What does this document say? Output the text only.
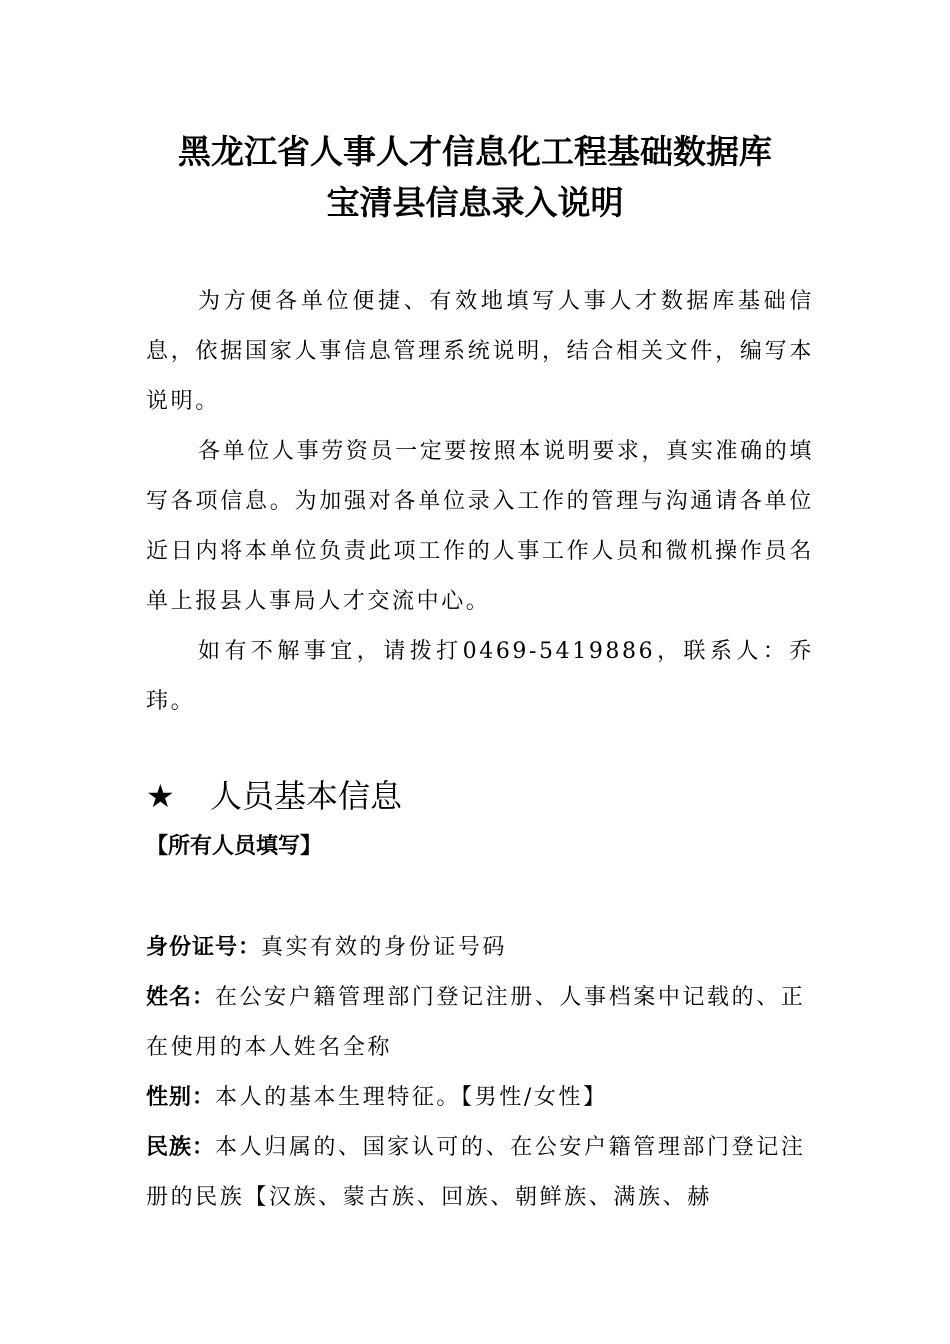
黑龙江省人事人才信息化工程基础数据库
宝清县信息录入说明

为方便各单位便捷、有效地填写人事人才数据库基础信息，依据国家人事信息管理系统说明，结合相关文件，编写本说明。

各单位人事劳资员一定要按照本说明要求，真实准确的填写各项信息。为加强对各单位录入工作的管理与沟通请各单位近日内将本单位负责此项工作的人事工作人员和微机操作员名单上报县人事局人才交流中心。

如有不解事宜，请拨打0469-5419886，联系人：乔玮。

★ 人员基本信息
【所有人员填写】

身份证号：真实有效的身份证号码

姓名：在公安户籍管理部门登记注册、人事档案中记载的、正在使用的本人姓名全称

性别：本人的基本生理特征。【男性/女性】

民族：本人归属的、国家认可的、在公安户籍管理部门登记注册的民族【汉族、蒙古族、回族、朝鲜族、满族、赫
